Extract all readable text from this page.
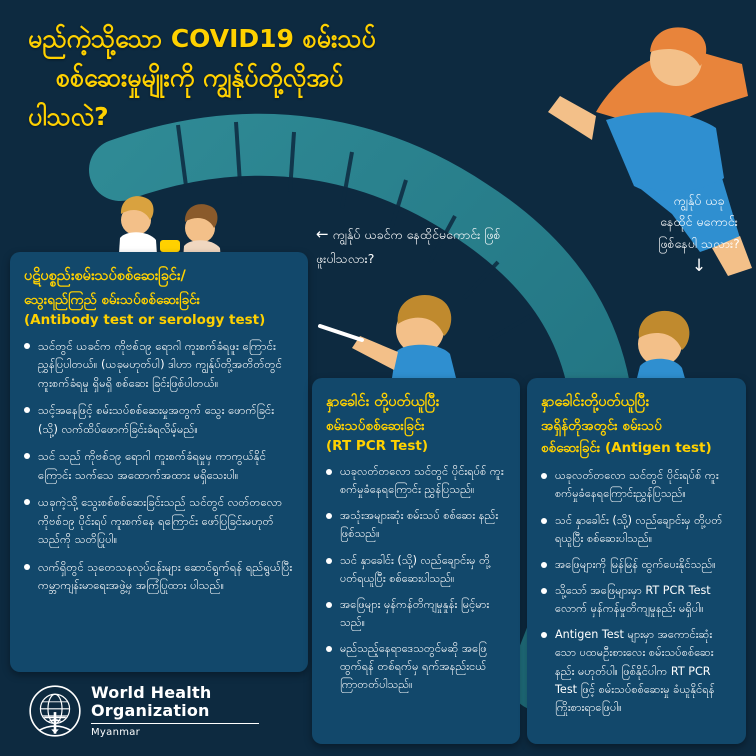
မည်ကဲ့သို့သော COVID19 စမ်းသပ်
စစ်ဆေးမှုမျိုးကို ကျွန်ုပ်တို့လိုအပ်
ပါသလဲ?
← ကျွန်ုပ် ယခင်က နေထိုင်မကောင်း ဖြစ်ဖူးပါသလား?
ကျွန်ုပ် ယခု နေထိုင် မကောင်း ဖြစ်နေပါ သလား?
↓
ပဋိပစ္စည်းစမ်းသပ်စစ်ဆေးခြင်း/
သွေးရည်ကြည် စမ်းသပ်စစ်ဆေးခြင်း
(Antibody test or serology test)
သင်တွင် ယခင်က ကိုဗစ်၁၉ ရောဂါ ကူးစက်ခံရဖူး ကြောင်း ညွှန်ပြပါတယ်။ (ယခုမဟုတ်ပါ) ဒါဟာ ကျွန်ုပ်တို့အတိတ်တွင် ကူးစက်ခံရမှု ရှိမရှိ စစ်ဆေး ခြင်းဖြစ်ပါတယ်။
သင့်အနေဖြင့် စမ်းသပ်စစ်ဆေးမှုအတွက် သွေး ဖောက်ခြင်း (သို့) လက်ထိပ်ဖောက်ခြင်းခံရလိမ့်မည်။
သင် သည် ကိုဗစ်၁၉ ရောဂါ ကူးစက်ခံရမှုမှ ကာကွယ်နိုင်ကြောင်း သက်သေ အထောက်အထား မရှိသေးပါ။
ယခုကဲ့သို့ သွေးစစ်စစ်ဆေးခြင်းသည် သင်တွင် လတ်တလော ကိုဗစ်၁၉ ပိုင်းရပ် ကူးစက်နေ ရကြောင်း ဖော်ပြခြင်းမဟုတ်သည်ကို သတိပြုပါ။
လက်ရှိတွင် သုတေသနလုပ်ငန်းများ ဆောင်ရွက်ရန် ရည်ရွယ်ပြီး ကမ္ဘာကျန်းမာရေးအဖွဲ့မှ အကြံပြုထား ပါသည်။
နှာခေါင်း တို့ပတ်ယူပြီး
စမ်းသပ်စစ်ဆေးခြင်း
(RT PCR Test)
ယခုလတ်တလော သင်တွင် ပိုင်းရပ်စ် ကူးစက်မှုခံနေရကြောင်း ညွှန်ပြသည်။
အသုံးအများဆုံး စမ်းသပ် စစ်ဆေး နည်း ဖြစ်သည်။
သင် နှာခေါင်း (သို့) လည်ချောင်းမှ တို့ပတ်ရယူပြီး စစ်ဆေးပါသည်။
အဖြေများ မှန်ကန်တိကျမှုနှုန်း မြင့်မားသည်။
မည်သည့်နေရာဒေသတွင်မဆို အဖြေ ထွက်ရန် တစ်ရက်မှ ရက်အနည်းငယ် ကြာတတ်ပါသည်။
နှာခေါင်းတို့ပတ်ယူပြီး
အရှိန်တိုအတွင်း စမ်းသပ်
စစ်ဆေးခြင်း (Antigen test)
ယခုလတ်တလော သင်တွင် ပိုင်းရပ်စ် ကူးစက်မှုခံနေရကြောင်းညွှန်ပြသည်။
သင် နှာခေါင်း (သို့) လည်ချောင်းမှ တို့ပတ်ရယူပြီး စစ်ဆေးပါသည်။
အဖြေများကို မြန်မြန် ထွက်ပေးနိုင်သည်။
သို့သော် အဖြေများမှာ RT PCR Test လောက် မှန်ကန်မှုတိကျမှုနည်း မရှိပါ။
Antigen Test များမှာ အကောင်းဆုံးသော ပထမဦးစားလေး စမ်းသပ်စစ်ဆေးနည်း မဟုတ်ပါ။ ဖြစ်နိုင်ပါက RT PCR Test ဖြင့် စမ်းသပ်စစ်ဆေးမှု ခံယူနိုင်ရန် ကြိုးစားရာဖြေပါ။
World Health
Organization
Myanmar
